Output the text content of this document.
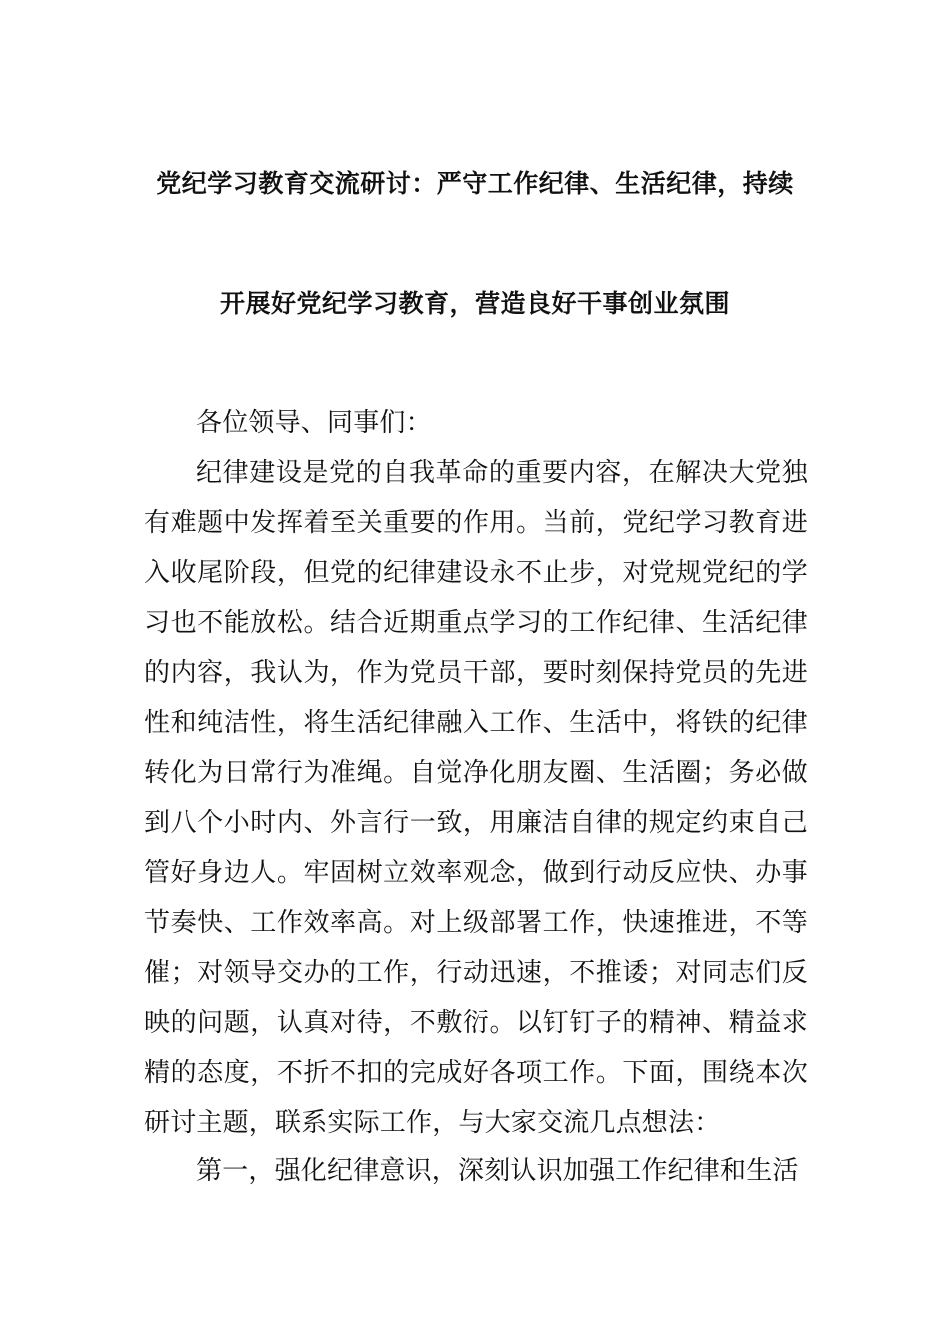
党纪学习教育交流研讨：严守工作纪律、生活纪律，持续
开展好党纪学习教育，营造良好干事创业氛围

各位领导、同事们：

纪律建设是党的自我革命的重要内容，在解决大党独有难题中发挥着至关重要的作用。当前，党纪学习教育进入收尾阶段，但党的纪律建设永不止步，对党规党纪的学习也不能放松。结合近期重点学习的工作纪律、生活纪律的内容，我认为，作为党员干部，要时刻保持党员的先进性和纯洁性，将生活纪律融入工作、生活中，将铁的纪律转化为日常行为准绳。自觉净化朋友圈、生活圈；务必做到八个小时内、外言行一致，用廉洁自律的规定约束自己管好身边人。牢固树立效率观念，做到行动反应快、办事节奏快、工作效率高。对上级部署工作，快速推进，不等催；对领导交办的工作，行动迅速，不推诿；对同志们反映的问题，认真对待，不敷衍。以钉钉子的精神、精益求精的态度，不折不扣的完成好各项工作。下面，围绕本次研讨主题，联系实际工作，与大家交流几点想法：

第一，强化纪律意识，深刻认识加强工作纪律和生活
